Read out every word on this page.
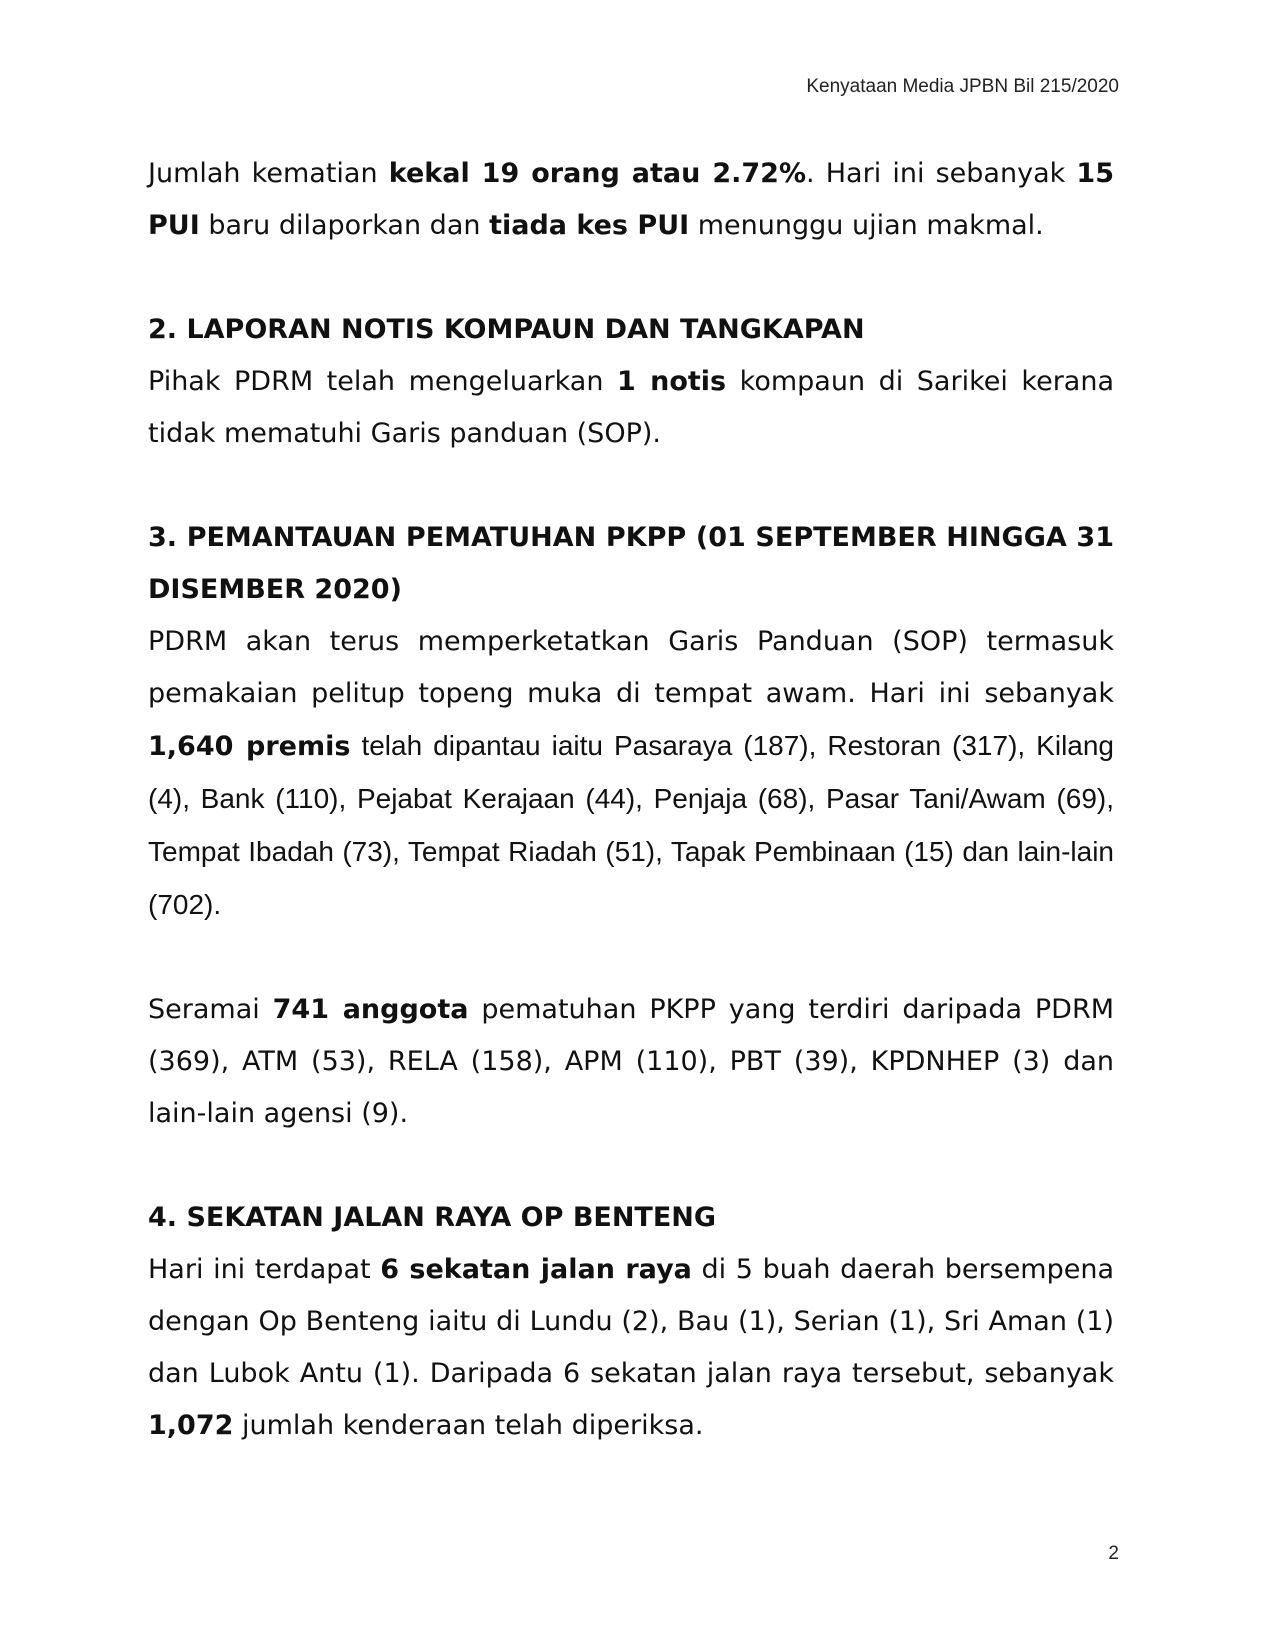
Kenyataan Media JPBN Bil 215/2020

Jumlah kematian kekal 19 orang atau 2.72%. Hari ini sebanyak 15 PUI baru dilaporkan dan tiada kes PUI menunggu ujian makmal.

2. LAPORAN NOTIS KOMPAUN DAN TANGKAPAN

Pihak PDRM telah mengeluarkan 1 notis kompaun di Sarikei kerana tidak mematuhi Garis panduan (SOP).

3. PEMANTAUAN PEMATUHAN PKPP (01 SEPTEMBER HINGGA 31 DISEMBER 2020)

PDRM akan terus memperketatkan Garis Panduan (SOP) termasuk pemakaian pelitup topeng muka di tempat awam. Hari ini sebanyak 1,640 premis telah dipantau iaitu Pasaraya (187), Restoran (317), Kilang (4), Bank (110), Pejabat Kerajaan (44), Penjaja (68), Pasar Tani/Awam (69), Tempat Ibadah (73), Tempat Riadah (51), Tapak Pembinaan (15) dan lain-lain (702).

Seramai 741 anggota pematuhan PKPP yang terdiri daripada PDRM (369), ATM (53), RELA (158), APM (110), PBT (39), KPDNHEP (3) dan lain-lain agensi (9).

4. SEKATAN JALAN RAYA OP BENTENG

Hari ini terdapat 6 sekatan jalan raya di 5 buah daerah bersempena dengan Op Benteng iaitu di Lundu (2), Bau (1), Serian (1), Sri Aman (1) dan Lubok Antu (1). Daripada 6 sekatan jalan raya tersebut, sebanyak 1,072 jumlah kenderaan telah diperiksa.

2
